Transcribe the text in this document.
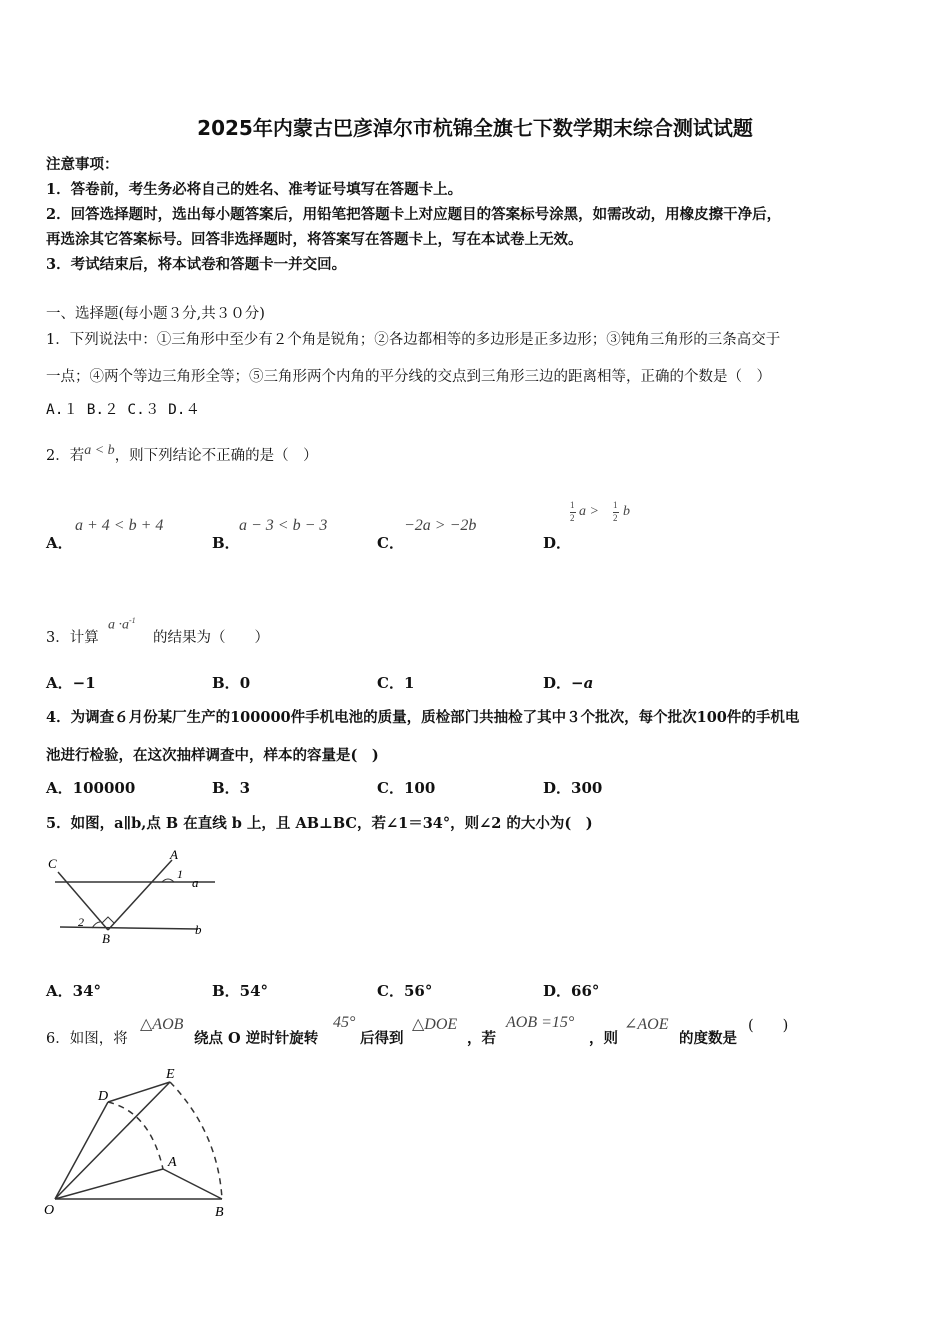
2025年内蒙古巴彦淖尔市杭锦全旗七下数学期末综合测试试题
注意事项：
1．答卷前，考生务必将自己的姓名、准考证号填写在答题卡上。
2．回答选择题时，选出每小题答案后，用铅笔把答题卡上对应题目的答案标号涂黑，如需改动，用橡皮擦干净后，
再选涂其它答案标号。回答非选择题时，将答案写在答题卡上，写在本试卷上无效。
3．考试结束后，将本试卷和答题卡一并交回。
一、选择题(每小题３分,共３０分)
1．下列说法中：①三角形中至少有２个角是锐角；②各边都相等的多边形是正多边形；③钝角三角形的三条高交于
一点；④两个等边三角形全等；⑤三角形两个内角的平分线的交点到三角形三边的距离相等，正确的个数是（　）
A.１ B.２ C.３ D.４
2．若a < b，则下列结论不正确的是（　）
A．
a + 4 < b + 4
B．
a − 3 < b − 3
C．
−2a > −2b
D．
1
2 a > 1
2 b
3．计算
$a \cdot a^{-1}$
的结果为（　　）
A．−1	B．0	C．1	D．−a
4．为调查６月份某厂生产的100000件手机电池的质量，质检部门共抽检了其中３个批次，每个批次100件的手机电
池进行检验，在这次抽样调查中，样本的容量是(　)
A．100000	B．3	C．100	D．300
5．如图，a∥b,点 B 在直线 b 上，且 AB⊥BC，若∠1＝34°，则∠2 的大小为(　)
C
A
B
a
b
1
2
A．34°	B．54°	C．56°	D．66°
6．如图，将
△AOB
绕点 O 逆时针旋转
45°
后得到
△DOE
，若
AOB =15°
，则
∠AOE
的度数是
(　　)
D
E
A
O	B
